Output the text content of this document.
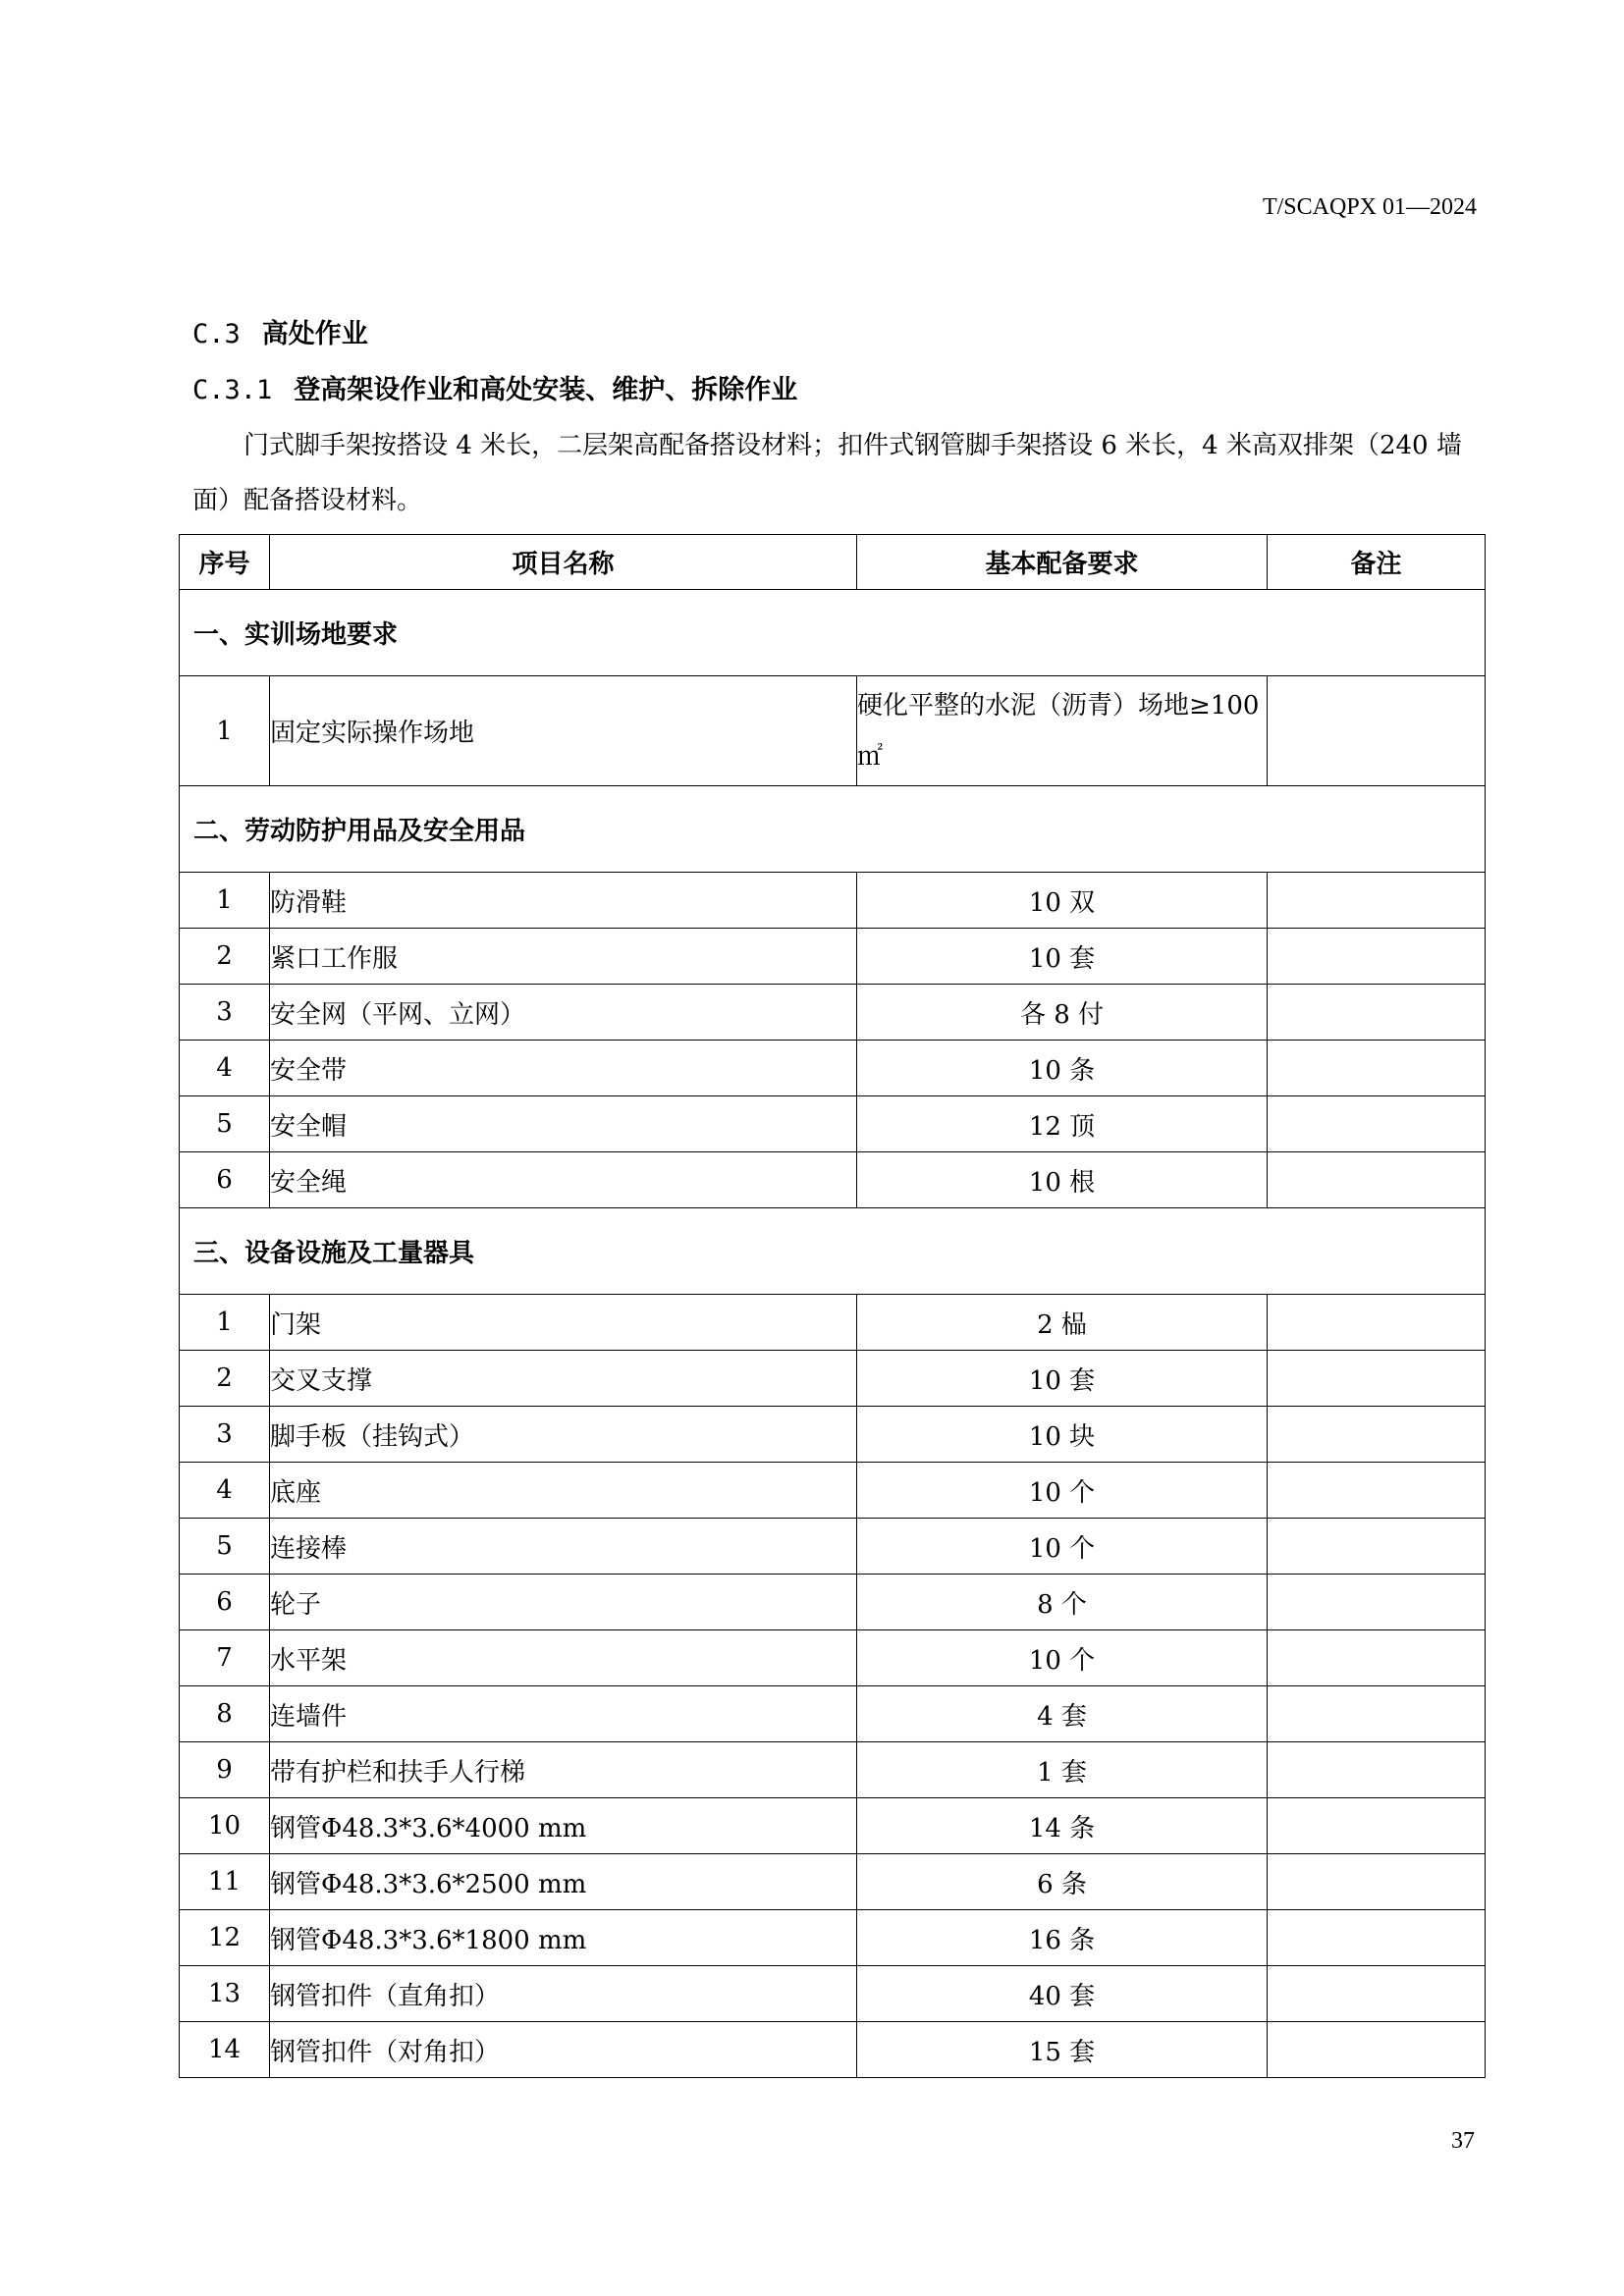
T/SCAQPX 01—2024
C.3 高处作业
C.3.1 登高架设作业和高处安装、维护、拆除作业
门式脚手架按搭设 4 米长，二层架高配备搭设材料；扣件式钢管脚手架搭设 6 米长，4 米高双排架（240 墙面）配备搭设材料。
序号	项目名称	基本配备要求	备注
一、实训场地要求			
1	固定实际操作场地	硬化平整的水泥（沥青）场地≥100 ㎡	
二、劳动防护用品及安全用品			
1	防滑鞋	10 双	
2	紧口工作服	10 套	
3	安全网（平网、立网）	各 8 付	
4	安全带	10 条	
5	安全帽	12 顶	
6	安全绳	10 根	
三、设备设施及工量器具			
1	门架	2 榀	
2	交叉支撑	10 套	
3	脚手板（挂钩式）	10 块	
4	底座	10 个	
5	连接棒	10 个	
6	轮子	8 个	
7	水平架	10 个	
8	连墙件	4 套	
9	带有护栏和扶手人行梯	1 套	
10	钢管Φ48.3*3.6*4000 mm	14 条	
11	钢管Φ48.3*3.6*2500 mm	6 条	
12	钢管Φ48.3*3.6*1800 mm	16 条	
13	钢管扣件（直角扣）	40 套	
14	钢管扣件（对角扣）	15 套	
37
